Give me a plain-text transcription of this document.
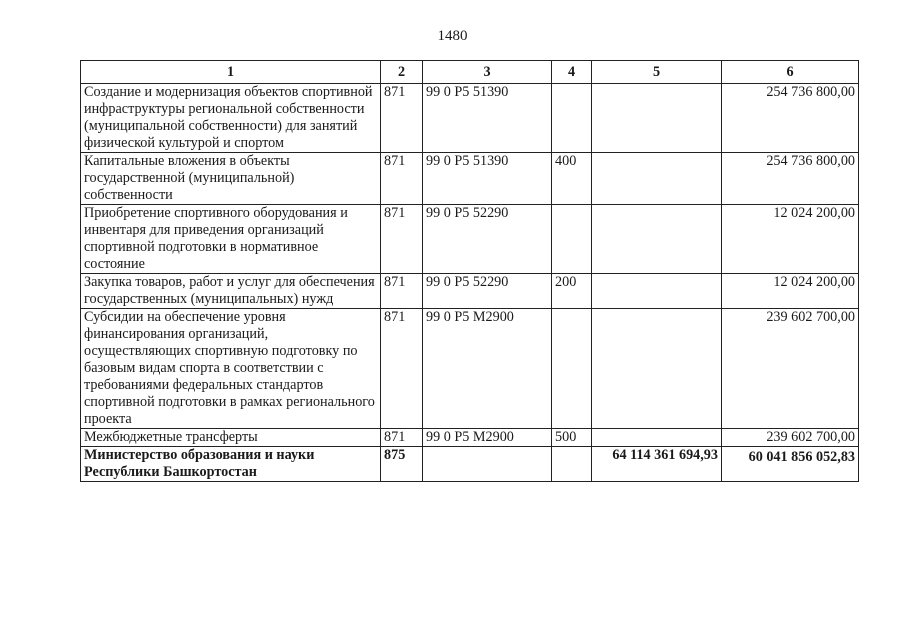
1480
1	2	3	4	5	6
Создание и модернизация объектов спортивной инфраструктуры региональной собственности (муниципальной собственности) для занятий физической культурой и спортом	871	99 0 P5 51390			254 736 800,00
Капитальные вложения в объекты государственной (муниципальной) собственности	871	99 0 P5 51390	400		254 736 800,00
Приобретение спортивного оборудования и инвентаря для приведения организаций спортивной подготовки в нормативное состояние	871	99 0 P5 52290			12 024 200,00
Закупка товаров, работ и услуг для обеспечения государственных (муниципальных) нужд	871	99 0 P5 52290	200		12 024 200,00
Субсидии на обеспечение уровня финансирования организаций, осуществляющих спортивную подготовку по базовым видам спорта в соответствии с требованиями федеральных стандартов спортивной подготовки в рамках регионального проекта	871	99 0 P5 M2900			239 602 700,00
Межбюджетные трансферты	871	99 0 P5 M2900	500		239 602 700,00
Министерство образования и науки Республики Башкортостан	875			64 114 361 694,93	60 041 856 052,83
